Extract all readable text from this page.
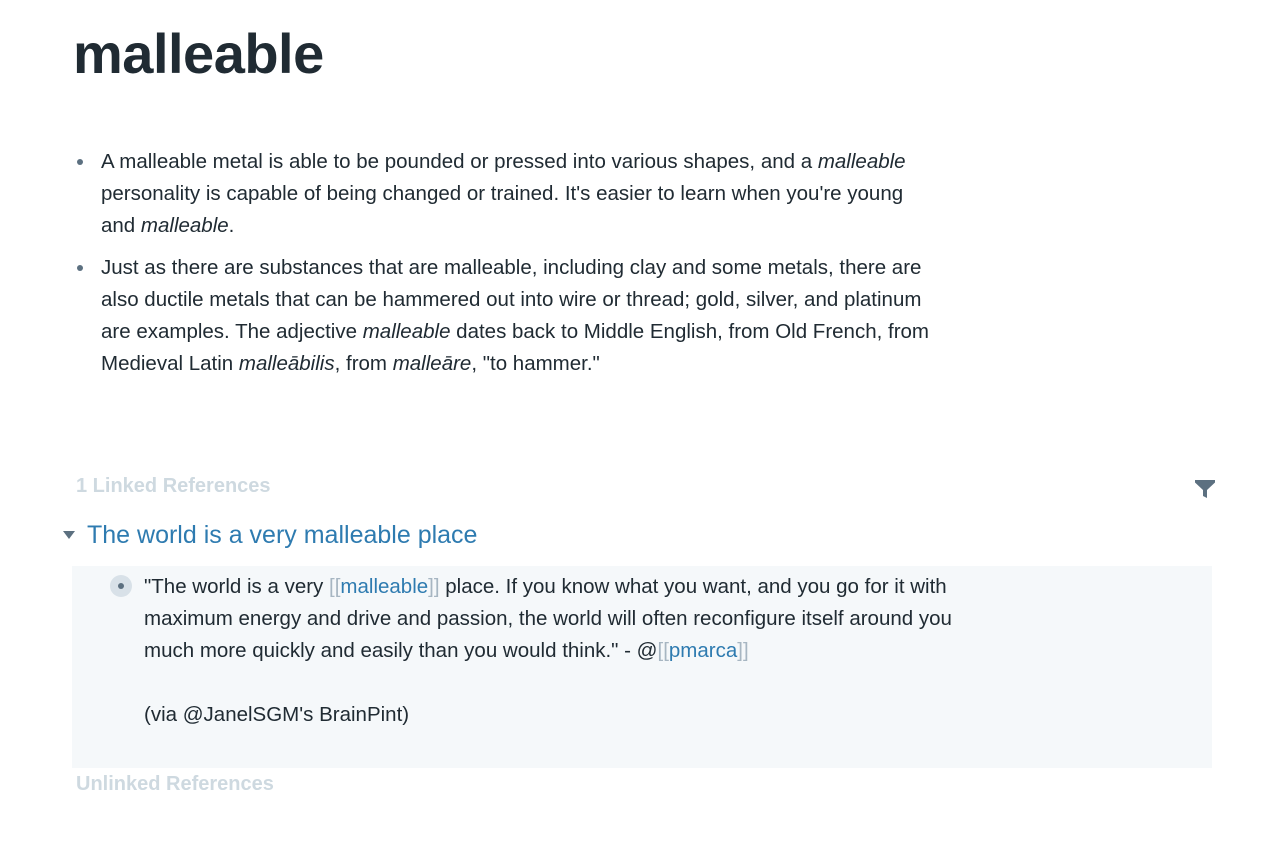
malleable
A malleable metal is able to be pounded or pressed into various shapes, and a malleable personality is capable of being changed or trained. It's easier to learn when you're young and malleable.
Just as there are substances that are malleable, including clay and some metals, there are also ductile metals that can be hammered out into wire or thread; gold, silver, and platinum are examples. The adjective malleable dates back to Middle English, from Old French, from Medieval Latin malleābilis, from malleāre, "to hammer."
1 Linked References
The world is a very malleable place
"The world is a very [[malleable]] place. If you know what you want, and you go for it with maximum energy and drive and passion, the world will often reconfigure itself around you much more quickly and easily than you would think." - @[[pmarca]]
(via @JanelSGM's BrainPint)
Unlinked References
